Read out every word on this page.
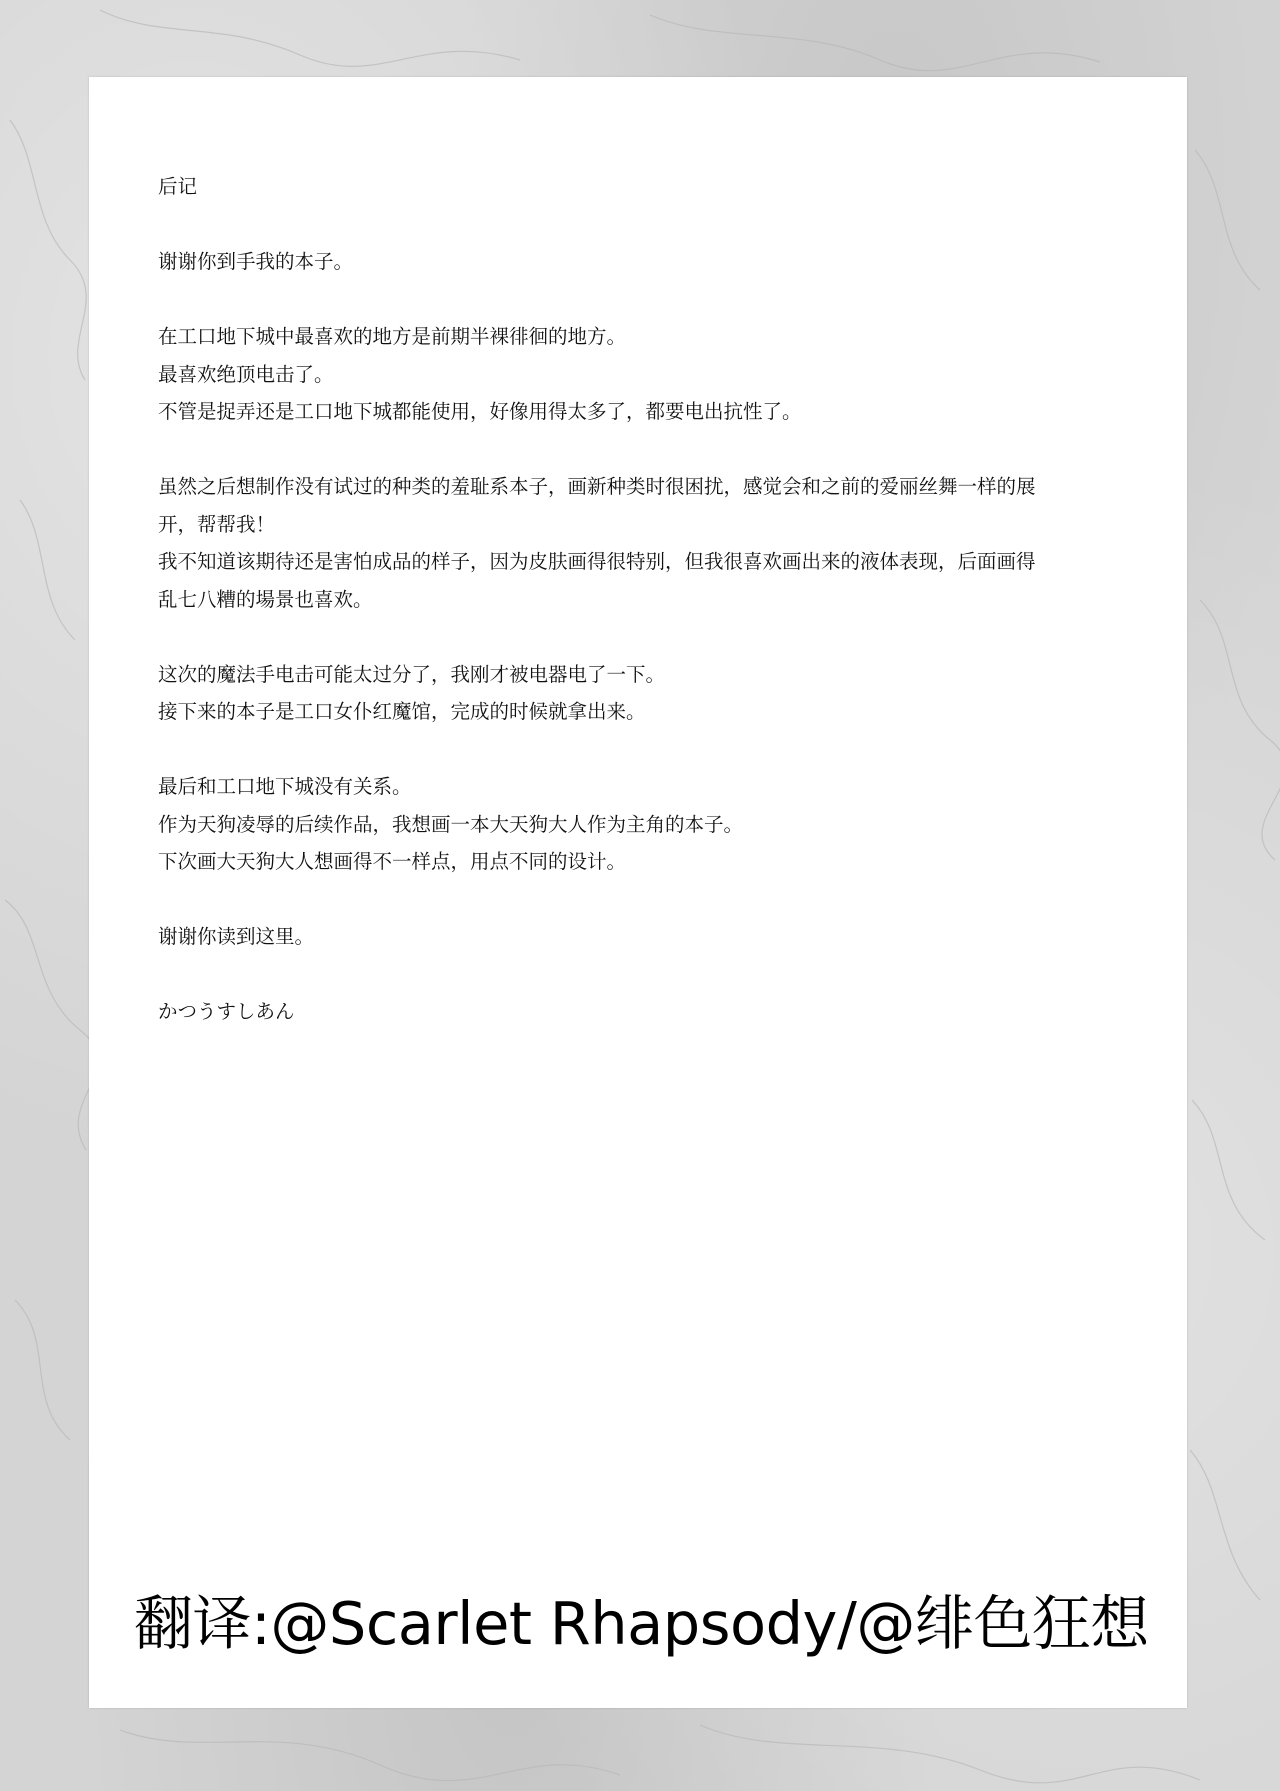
后记

谢谢你到手我的本子。

在工口地下城中最喜欢的地方是前期半裸徘徊的地方。
最喜欢绝顶电击了。
不管是捉弄还是工口地下城都能使用，好像用得太多了，都要电出抗性了。

虽然之后想制作没有试过的种类的羞耻系本子，画新种类时很困扰，感觉会和之前的爱丽丝舞一样的展
开，帮帮我！
我不知道该期待还是害怕成品的样子，因为皮肤画得很特别，但我很喜欢画出来的液体表现，后面画得
乱七八糟的場景也喜欢。

这次的魔法手电击可能太过分了，我刚才被电器电了一下。
接下来的本子是工口女仆红魔馆，完成的时候就拿出来。

最后和工口地下城没有关系。
作为天狗凌辱的后续作品，我想画一本大天狗大人作为主角的本子。
下次画大天狗大人想画得不一样点，用点不同的设计。

谢谢你读到这里。

かつうすしあん

翻译:@Scarlet Rhapsody/@绯色狂想
